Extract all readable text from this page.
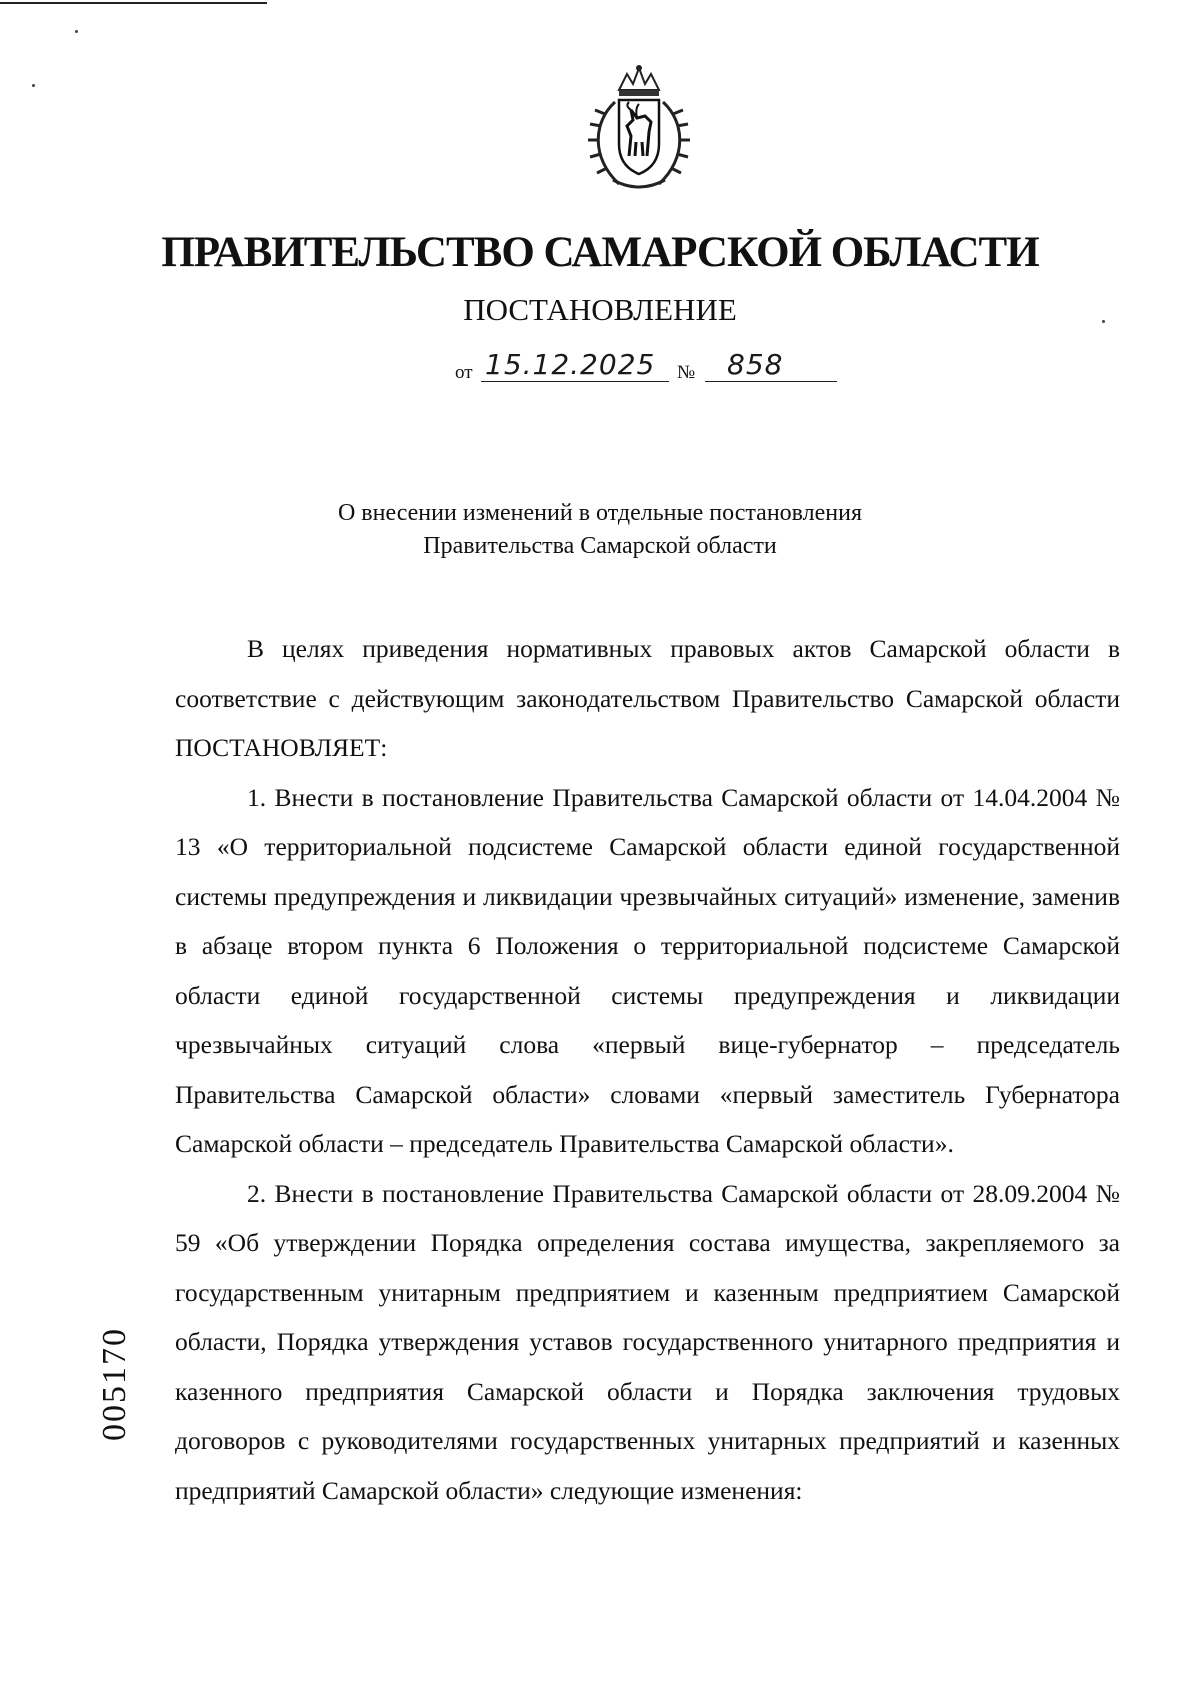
ПРАВИТЕЛЬСТВО САМАРСКОЙ ОБЛАСТИ
ПОСТАНОВЛЕНИЕ
от 15.12.2025 № 858
О внесении изменений в отдельные постановления
Правительства Самарской области

В целях приведения нормативных правовых актов Самарской области в соответствие с действующим законодательством Правительство Самарской области ПОСТАНОВЛЯЕТ:

1. Внести в постановление Правительства Самарской области от 14.04.2004 № 13 «О территориальной подсистеме Самарской области единой государственной системы предупреждения и ликвидации чрезвычайных ситуаций» изменение, заменив в абзаце втором пункта 6 Положения о территориальной подсистеме Самарской области единой государственной системы предупреждения и ликвидации чрезвычайных ситуаций слова «первый вице-губернатор – председатель Правительства Самарской области» словами «первый заместитель Губернатора Самарской области – председатель Правительства Самарской области».

2. Внести в постановление Правительства Самарской области от 28.09.2004 № 59 «Об утверждении Порядка определения состава имущества, закрепляемого за государственным унитарным предприятием и казенным предприятием Самарской области, Порядка утверждения уставов государственного унитарного предприятия и казенного предприятия Самарской области и Порядка заключения трудовых договоров с руководителями государственных унитарных предприятий и казенных предприятий Самарской области» следующие изменения:

005170
